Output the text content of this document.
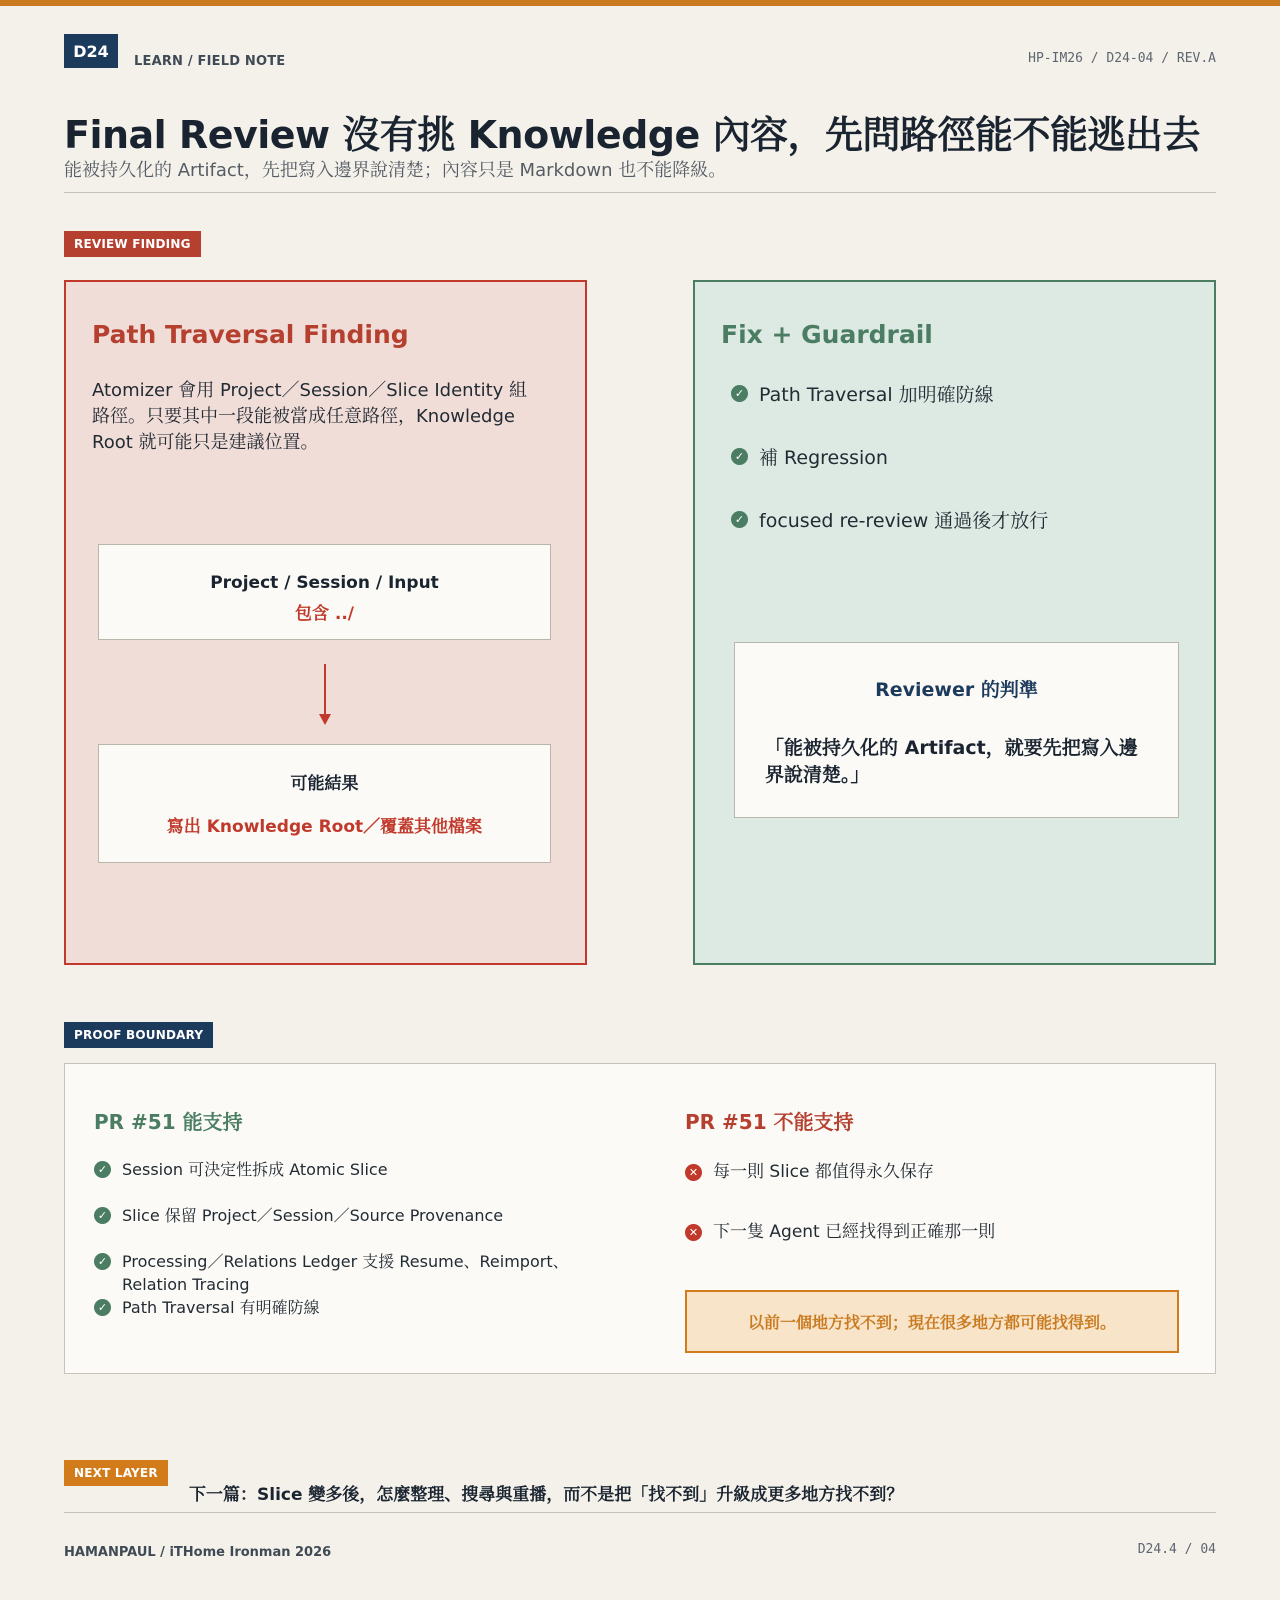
D24
LEARN / FIELD NOTE	HP-IM26 / D24-04 / REV.A
Final Review 沒有挑 Knowledge 內容，先問路徑能不能逃出去
能被持久化的 Artifact，先把寫入邊界說清楚；內容只是 Markdown 也不能降級。
REVIEW FINDING
Path Traversal Finding
Atomizer 會用 Project／Session／Slice Identity 組路徑。只要其中一段能被當成任意路徑，Knowledge Root 就可能只是建議位置。
Project / Session / Input
包含 ../
可能結果
寫出 Knowledge Root／覆蓋其他檔案
Fix + Guardrail
✓ Path Traversal 加明確防線
✓ 補 Regression
✓ focused re-review 通過後才放行
Reviewer 的判準
「能被持久化的 Artifact，就要先把寫入邊界說清楚。」
PROOF BOUNDARY
PR #51 能支持
✓ Session 可決定性拆成 Atomic Slice
✓ Slice 保留 Project／Session／Source Provenance
✓ Processing／Relations Ledger 支援 Resume、Reimport、Relation Tracing
✓ Path Traversal 有明確防線
PR #51 不能支持
✕ 每一則 Slice 都值得永久保存
✕ 下一隻 Agent 已經找得到正確那一則
以前一個地方找不到；現在很多地方都可能找得到。
NEXT LAYER
下一篇：Slice 變多後，怎麼整理、搜尋與重播，而不是把「找不到」升級成更多地方找不到？
HAMANPAUL / iTHome Ironman 2026	D24.4 / 04
